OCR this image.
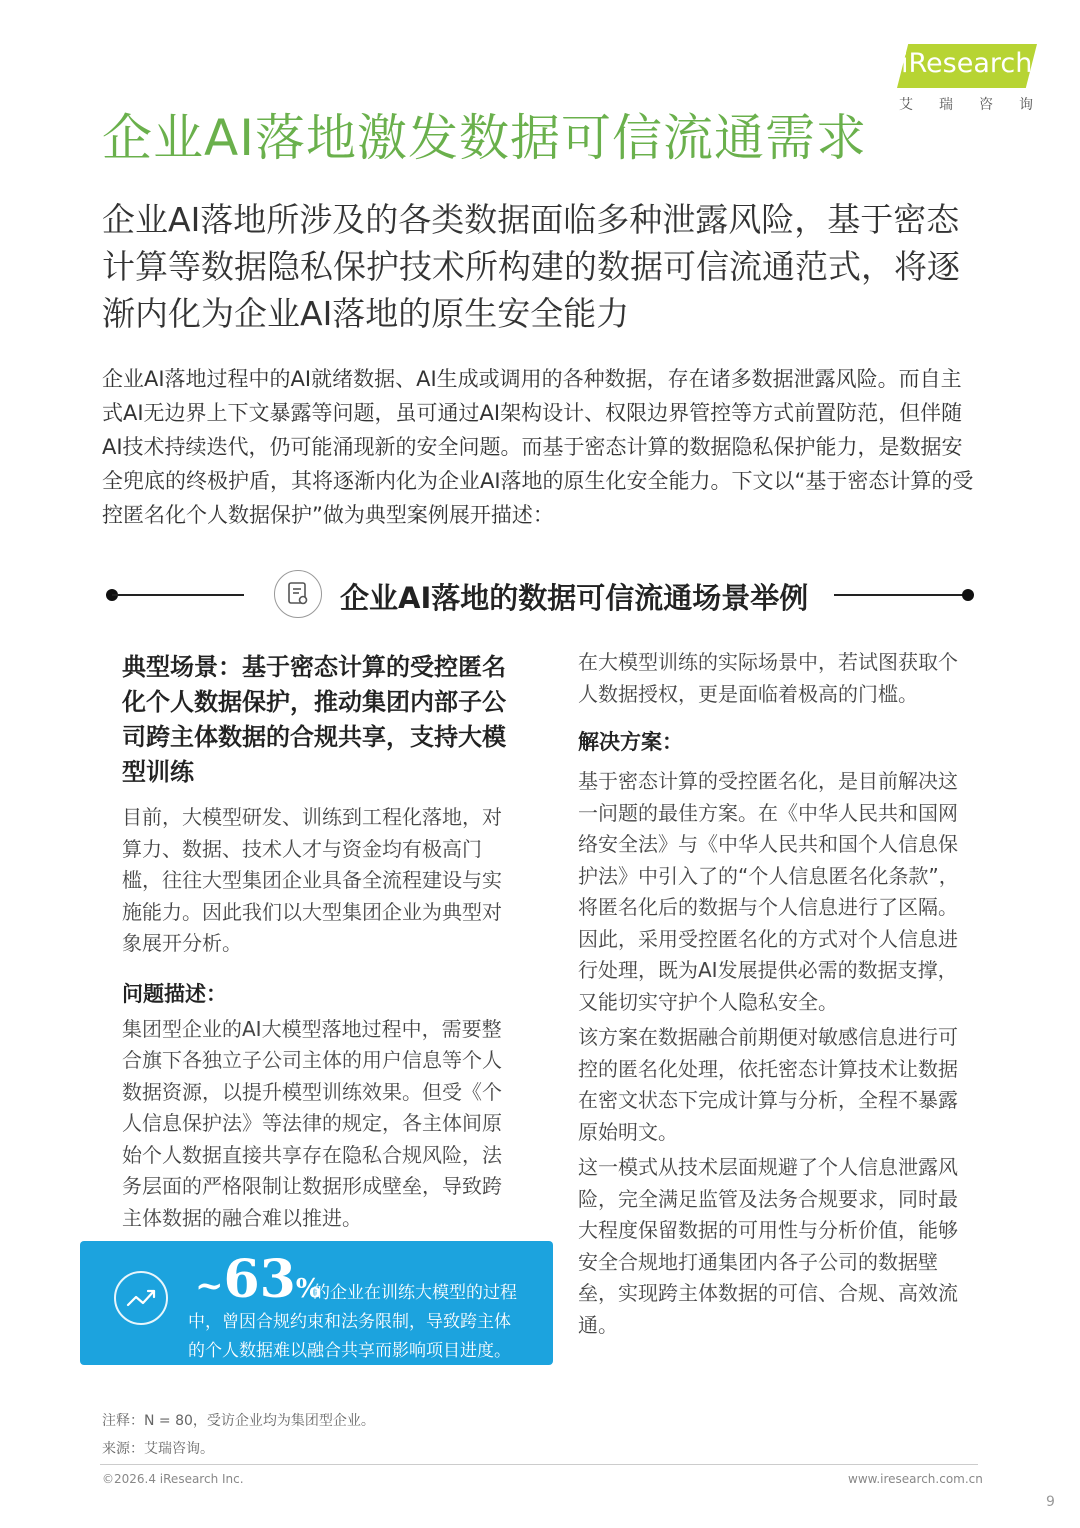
iResearch
艾瑞咨询
企业AI落地激发数据可信流通需求
企业AI落地所涉及的各类数据面临多种泄露风险，基于密态计算等数据隐私保护技术所构建的数据可信流通范式，将逐渐内化为企业AI落地的原生安全能力
企业AI落地过程中的AI就绪数据、AI生成或调用的各种数据，存在诸多数据泄露风险。而自主式AI无边界上下文暴露等问题，虽可通过AI架构设计、权限边界管控等方式前置防范，但伴随AI技术持续迭代，仍可能涌现新的安全问题。而基于密态计算的数据隐私保护能力，是数据安全兜底的终极护盾，其将逐渐内化为企业AI落地的原生化安全能力。下文以“基于密态计算的受控匿名化个人数据保护”做为典型案例展开描述：
企业AI落地的数据可信流通场景举例

典型场景：基于密态计算的受控匿名化个人数据保护，推动集团内部子公司跨主体数据的合规共享，支持大模型训练

目前，大模型研发、训练到工程化落地，对算力、数据、技术人才与资金均有极高门槛，往往大型集团企业具备全流程建设与实施能力。因此我们以大型集团企业为典型对象展开分析。

问题描述：

集团型企业的AI大模型落地过程中，需要整合旗下各独立子公司主体的用户信息等个人数据资源，以提升模型训练效果。但受《个人信息保护法》等法律的规定，各主体间原始个人数据直接共享存在隐私合规风险，法务层面的严格限制让数据形成壁垒，导致跨主体数据的融合难以推进。

在大模型训练的实际场景中，若试图获取个人数据授权，更是面临着极高的门槛。

解决方案：

基于密态计算的受控匿名化，是目前解决这一问题的最佳方案。在《中华人民共和国网络安全法》与《中华人民共和国个人信息保护法》中引入了的“个人信息匿名化条款”，将匿名化后的数据与个人信息进行了区隔。因此，采用受控匿名化的方式对个人信息进行处理，既为AI发展提供必需的数据支撑，又能切实守护个人隐私安全。

该方案在数据融合前期便对敏感信息进行可控的匿名化处理，依托密态计算技术让数据在密文状态下完成计算与分析，全程不暴露原始明文。

这一模式从技术层面规避了个人信息泄露风险，完全满足监管及法务合规要求，同时最大程度保留数据的可用性与分析价值，能够安全合规地打通集团内各子公司的数据壁垒，实现跨主体数据的可信、合规、高效流通。

~63%
的企业在训练大模型的过程中，曾因合规约束和法务限制，导致跨主体的个人数据难以融合共享而影响项目进度。
注释：N = 80，受访企业均为集团型企业。
来源：艾瑞咨询。
©2026.4 iResearch Inc.	www.iresearch.com.cn
9
